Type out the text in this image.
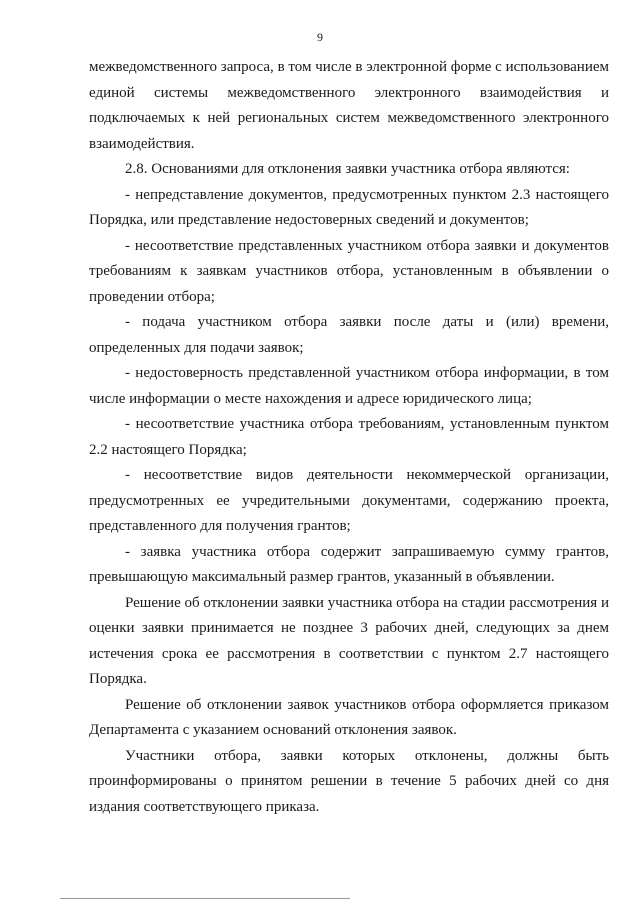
9

межведомственного запроса, в том числе в электронной форме с использованием единой системы межведомственного электронного взаимодействия и подключаемых к ней региональных систем межведомственного электронного взаимодействия.

2.8. Основаниями для отклонения заявки участника отбора являются:

- непредставление документов, предусмотренных пунктом 2.3 настоящего Порядка, или представление недостоверных сведений и документов;

- несоответствие представленных участником отбора заявки и документов требованиям к заявкам участников отбора, установленным в объявлении о проведении отбора;

- подача участником отбора заявки после даты и (или) времени, определенных для подачи заявок;

- недостоверность представленной участником отбора информации, в том числе информации о месте нахождения и адресе юридического лица;

- несоответствие участника отбора требованиям, установленным пунктом 2.2 настоящего Порядка;

- несоответствие видов деятельности некоммерческой организации, предусмотренных ее учредительными документами, содержанию проекта, представленного для получения грантов;

- заявка участника отбора содержит запрашиваемую сумму грантов, превышающую максимальный размер грантов, указанный в объявлении.

Решение об отклонении заявки участника отбора на стадии рассмотрения и оценки заявки принимается не позднее 3 рабочих дней, следующих за днем истечения срока ее рассмотрения в соответствии с пунктом 2.7 настоящего Порядка.

Решение об отклонении заявок участников отбора оформляется приказом Департамента с указанием оснований отклонения заявок.

Участники отбора, заявки которых отклонены, должны быть проинформированы о принятом решении в течение 5 рабочих дней со дня издания соответствующего приказа.
